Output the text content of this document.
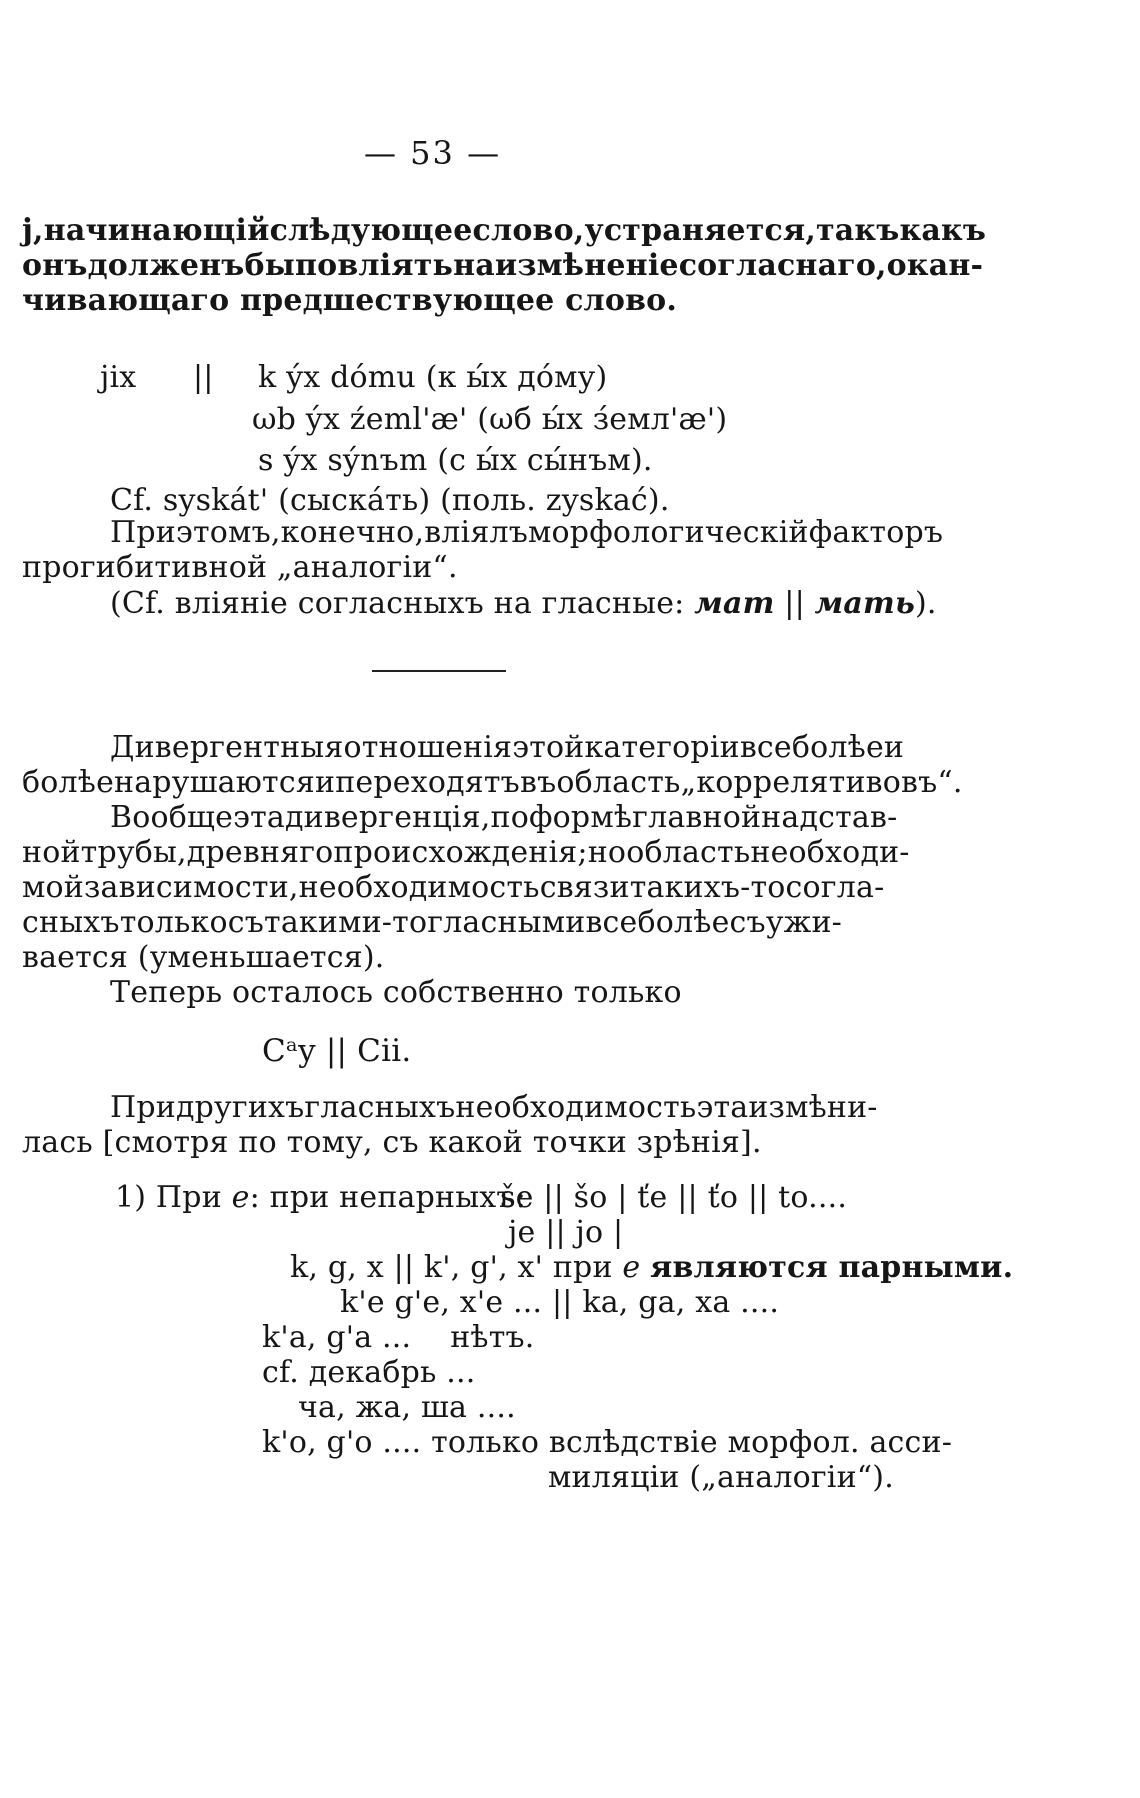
— 53 —
j, начинающій слѣдующее слово, устраняется, такъ какъ
онъ долженъ бы повліять на измѣненіе согласнаго, окан-
чивающаго предшествующее слово.
jix || k ýx dómu (к ы́х до́му)
ωb ýx źeml'æ' (ωб ы́х з́емл'æ')
s ýx sýnъm (с ы́х сы́нъм).
Cf. syskát' (сыска́ть) (поль. zyskać).
При этомъ, конечно, вліялъ морфологическій факторъ
прогибитивной „аналогіи“.
(Cf. вліяніе согласныхъ на гласные: мат || мать).
Дивергентныя отношенія этой категоріи все болѣе и
болѣе нарушаются и переходятъ въ область „коррелятивовъ“.
Вообще эта дивергенція, по формѣ главной надстав-
ной трубы, древняго происхожденія; но область необходи-
мой зависимости, необходимость связи такихъ-то согла-
сныхъ только съ такими-то гласными все болѣе съужи-
вается (уменьшается).
Теперь осталось собственно только
Cᵃy || Cii.
При другихъ гласныхъ необходимость эта измѣни-
лась [смотря по тому, съ какой точки зрѣнія].
1) При e: при непарныхъ:
še || šo | ťe || ťo || to....
je || jo |
k, g, x || k', g', x' при e являются парными.
k'e g'e, x'e ... || ka, ga, xa ....
k'a, g'a ...    нѣтъ.
cf. декабрь ...
ча, жа, ша ....
k'o, g'o .... только вслѣдствіе морфол. асси-
миляціи („аналогіи“).
